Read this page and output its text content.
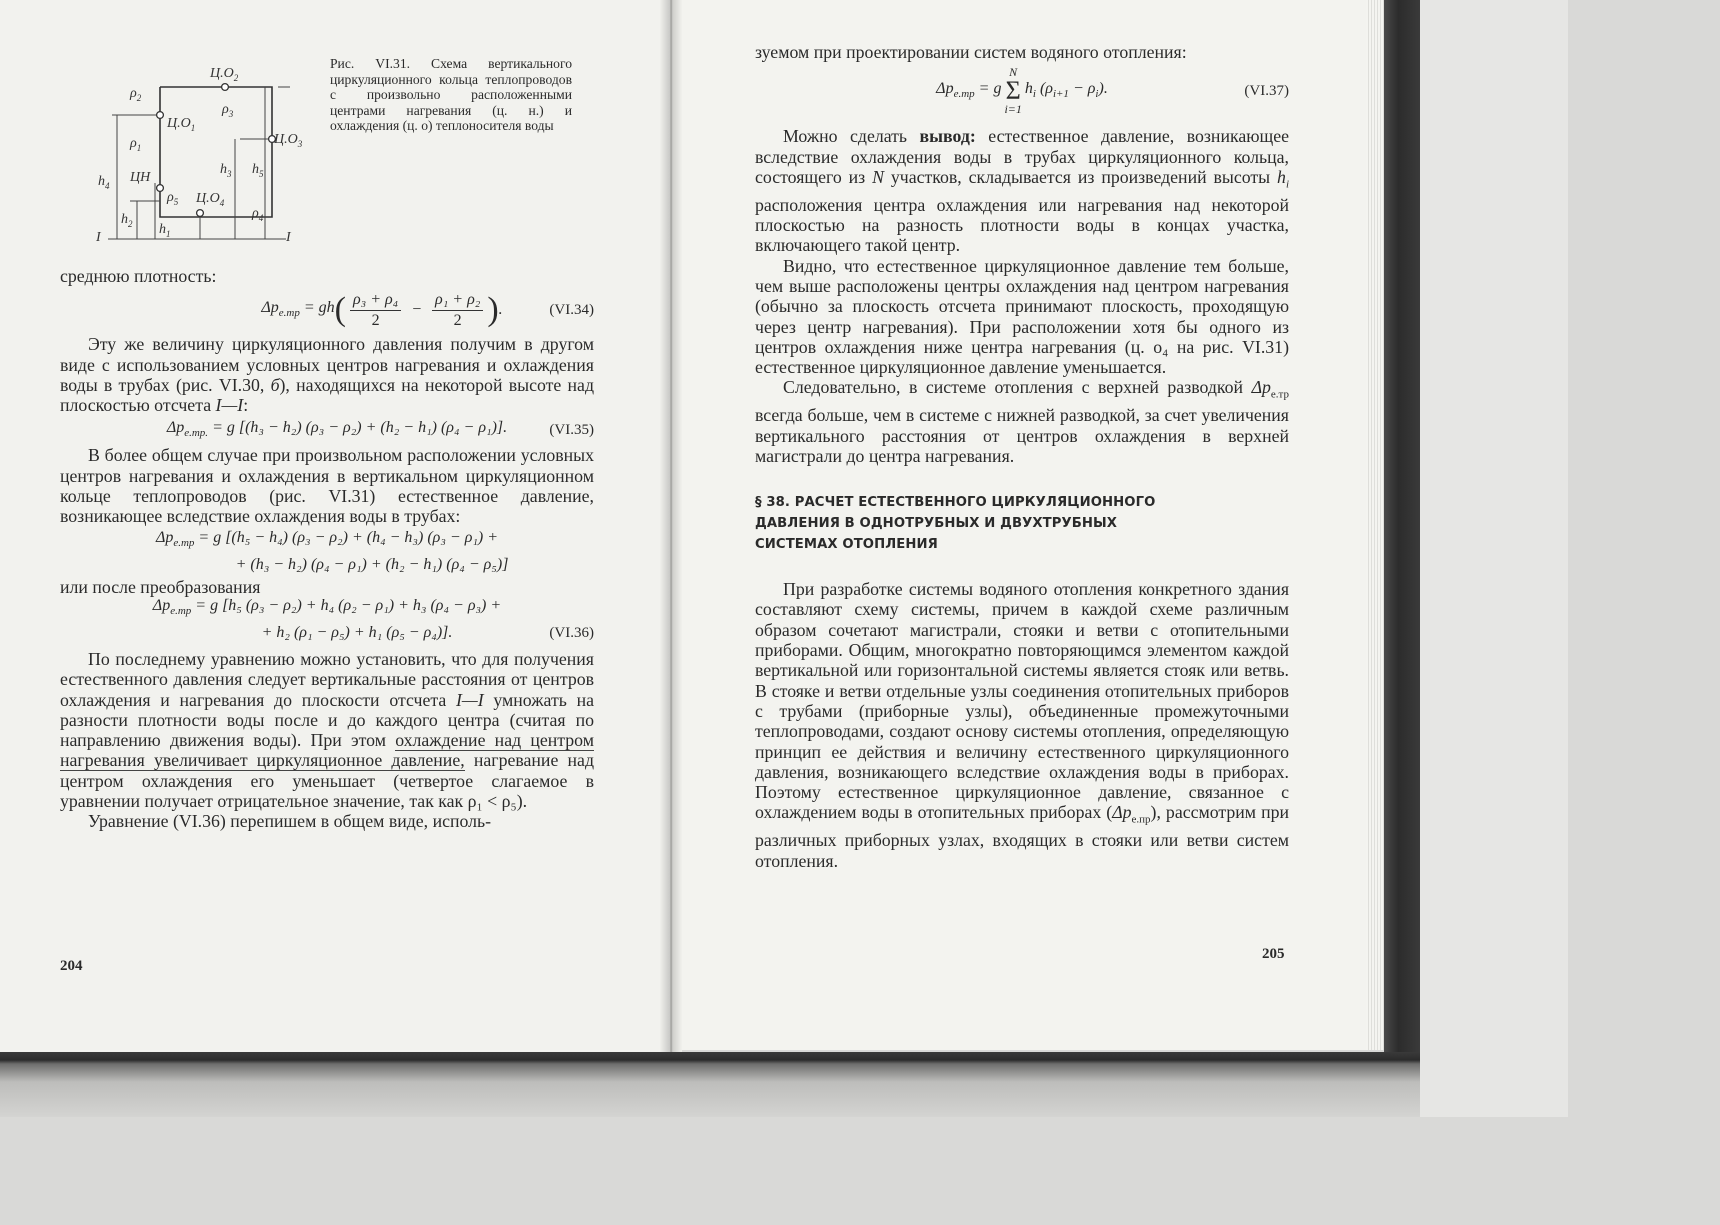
$Ц.О_2$
$Ц.О_1$
$Ц.О_3$
ЦН
$Ц.О_4$
$\rho_2$
$\rho_1$
$\rho_3$
$\rho_5$
$\rho_4$
$h_4$
$h_2$ $h_1$
$h_3$ $h_5$
I	I
Рис. VI.31. Схема вертикального циркуляционного кольца теплопроводов с произвольно расположенными центрами нагревания (ц. н.) и охлаждения (ц. о) теплоносителя воды

среднюю плотность:

$\Delta p_{е.тр}$ = gh ( ρ₃ + ρ₄
2
− $\frac{\text{ρ₁ + ρ₂}}{2}$ ) .	(VI.34)

Эту же величину циркуляционного давления получим в другом виде с использованием условных центров нагревания и охлаждения воды в трубах (рис. VI.30, б), находящихся на некоторой высоте над плоскостью отсчета I—I:

$\Delta p_{е.тр.} = g$ [(h₃ − h₂) (ρ₃ − ρ₂) + (h₂ − h₁) (ρ₄ − ρ₁)].	(VI.35)

В более общем случае при произвольном расположении условных центров нагревания и охлаждения в вертикальном циркуляционном кольце теплопроводов (рис. VI.31) естественное давление, возникающее вследствие охлаждения воды в трубах:

$\Delta p_{е.тр} = g$ [(h₅ − h₄) (ρ₃ − ρ₂) + (h₄ − h₃) (ρ₃ − ρ₁) +
+ (h₃ − h₂) (ρ₄ − ρ₁) + (h₂ − h₁) (ρ₄ − ρ₅)]

или после преобразования

$\Delta p_{е.тр} = g$ [h₅ (ρ₃ − ρ₂) + h₄ (ρ₂ − ρ₁) + h₃ (ρ₄ − ρ₃) +
+ h₂ (ρ₁ − ρ₅) + h₁ (ρ₅ − ρ₄)].	(VI.36)

По последнему уравнению можно установить, что для получения естественного давления следует вертикальные расстояния от центров охлаждения и нагревания до плоскости отсчета I—I умножать на разности плотности воды после и до каждого центра (считая по направлению движения воды). При этом охлаждение над центром нагревания увеличивает циркуляционное давление, нагревание над центром охлаждения его уменьшает (четвертое слагаемое в уравнении получает отрицательное значение, так как ρ₁ < ρ₅).

Уравнение (VI.36) перепишем в общем виде, исполь-

204

зуемом при проектировании систем водяного отопления:

$\Delta p_{е.тр} = g$
N
Σ
i=1
$h_i$ $(\rho_{i+1} - \rho_i)$.	(VI.37)

Можно сделать вывод: естественное давление, возникающее вследствие охлаждения воды в трубах циркуляционного кольца, состоящего из N участков, складывается из произведений высоты $h_i$ расположения центра охлаждения или нагревания над некоторой плоскостью на разность плотности воды в концах участка, включающего такой центр.

Видно, что естественное циркуляционное давление тем больше, чем выше расположены центры охлаждения над центром нагревания (обычно за плоскость отсчета принимают плоскость, проходящую через центр нагревания). При расположении хотя бы одного из центров охлаждения ниже центра нагревания (ц. о₄ на рис. VI.31) естественное циркуляционное давление уменьшается.

Следовательно, в системе отопления с верхней разводкой $\Delta p_{е.тр}$ всегда больше, чем в системе с нижней разводкой, за счет увеличения вертикального расстояния от центров охлаждения в верхней магистрали до центра нагревания.

§ 38. РАСЧЕТ ЕСТЕСТВЕННОГО ЦИРКУЛЯЦИОННОГО
ДАВЛЕНИЯ В ОДНОТРУБНЫХ И ДВУХТРУБНЫХ
СИСТЕМАХ ОТОПЛЕНИЯ

При разработке системы водяного отопления конкретного здания составляют схему системы, причем в каждой схеме различным образом сочетают магистрали, стояки и ветви с отопительными приборами. Общим, многократно повторяющимся элементом каждой вертикальной или горизонтальной системы является стояк или ветвь. В стояке и ветви отдельные узлы соединения отопительных приборов с трубами (приборные узлы), объединенные промежуточными теплопроводами, создают основу системы отопления, определяющую принцип ее действия и величину естественного циркуляционного давления, возникающего вследствие охлаждения воды в приборах. Поэтому естественное циркуляционное давление, связанное с охлаждением воды в отопительных приборах $(\Delta p_{е.пр})$, рассмотрим при различных приборных узлах, входящих в стояки или ветви систем отопления.

205
